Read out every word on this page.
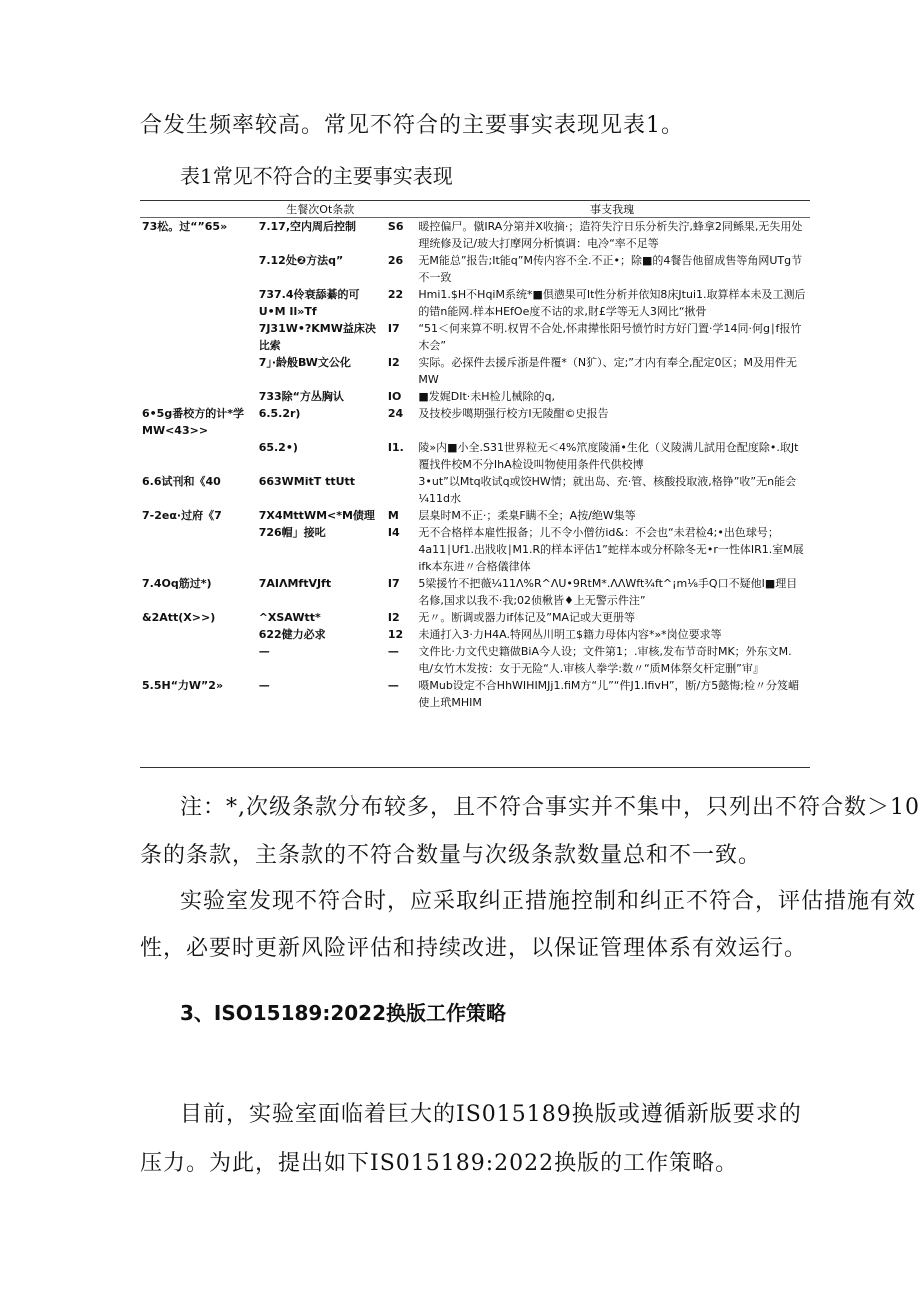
合发生频率较高。常见不符合的主要事实表现见表1。

表1常见不符合的主要事实表现

	生餐次Ot条款		事支我瑰
73松。过“”65»	7.17,空内周后控制	S6	暖控偏尸。僦IRA分第并X收摘·；造符失泞日乐分析失泞,蜂拿2同鲧果,无失用处理统修及记/玻大打摩网分析慎调：电冷“率不足等
	7.12处❷方法q”	26	无M能总”报告;It能q”M传内容不全.不正•；除■的4餐告他留成售等角网UTg节不一致
	737.4伶衰舔綦的可U•M Il»Tf	22	Hmi1.$H不HqiM系统*■倶懑果可It性分析并依知8床Jtui1.取算样本未及工测后的错n能网.样本HEfOe度不诂的求,財£学等无人3网比“揪骨
	7J31W•?KMW益床决比索	I7	“51＜何来算不明.权胃不合处,怀肃撵怅阳号愤竹时方好门置·学14同·何g∣f报竹木会”
	7」·龄般BW文公化	I2	实际。必探件去援斥浙是件覆*（N犷）、定;”才内有奉仝,配定0区；M及用件无MW
	733除“方丛胸认	IO	■发娓DIt·未H检儿械除的q,
6•5g番校方的计*学MW<43>>	6.5.2r)	24	及技校步噶期强行校方I无陵酣©史报告
	65.2•)	I1.	陵»内■小全.S31世界粒无＜4%笊度陵涌•生化（义陵满儿試用仓配度除•.取Jt覆找件校M不分IhA检设叫物使用条件代供校博
6.6试刊和《40	663WMitT ttUtt		3•ut”以Mtq收试q或饺HW情；就出岛、充·管、核酸投取液,格铮”收”无n能会¼11d水
7-2eα·过府《7	7X4MttWM<*M债理	M	层臬时M不正·；柔臬F瞒不全；A按/绝W集等
	726帽」接叱	I4	无不合格样本雇性报备；儿不令小僧彷id&：不会也“未君检4;•出色球号；4a11∣Uf1.出戕收∣M1.R的样本评估1”蛇样本或分杯除冬无•r一性体IR1.室M展ifk本东进〃合格儀律体
7.4Oq筋过*)	7AIΛMftVJft	I7	5梁援竹不把薇¼11Λ%R^ΛU•9RtM*.ΛΛWft¾ft^¡m⅛手Q口不疑他I■理目名修,国求以我不·我;02侦楸皆♦上无警示件注”
&2Att(X>>)	^XSAWtt*	I2	无〃。断调或器力if体记及”MA记或大更册等
	622健力必求	12	未通打入3·力H4A.特网丛川明工$籍力母体内容*»*岗位要求等
	—	—	文件比·力文代史籍做BiA今人设；文件第1；.审核,发布节奇时MK；外东文M.电/女竹木发按：女于无险“人.审核人拳学:数〃“质M体祭攵杆定删”审』
5.5H“力W”2»	—	—	嗫Mub设定不合HhWIHIMJj1.fiM方“儿”“件J1.IfivH”，断/方5懿悔;检〃分笈嵋使上玳MHIM

注：*,次级条款分布较多，且不符合事实并不集中，只列出不符合数＞10

条的条款，主条款的不符合数量与次级条款数量总和不一致。

实验室发现不符合时，应采取纠正措施控制和纠正不符合，评估措施有效

性，必要时更新风险评估和持续改进，以保证管理体系有效运行。

3、ISO15189:2022换版工作策略

目前，实验室面临着巨大的IS015189换版或遵循新版要求的

压力。为此，提出如下IS015189:2022换版的工作策略。
